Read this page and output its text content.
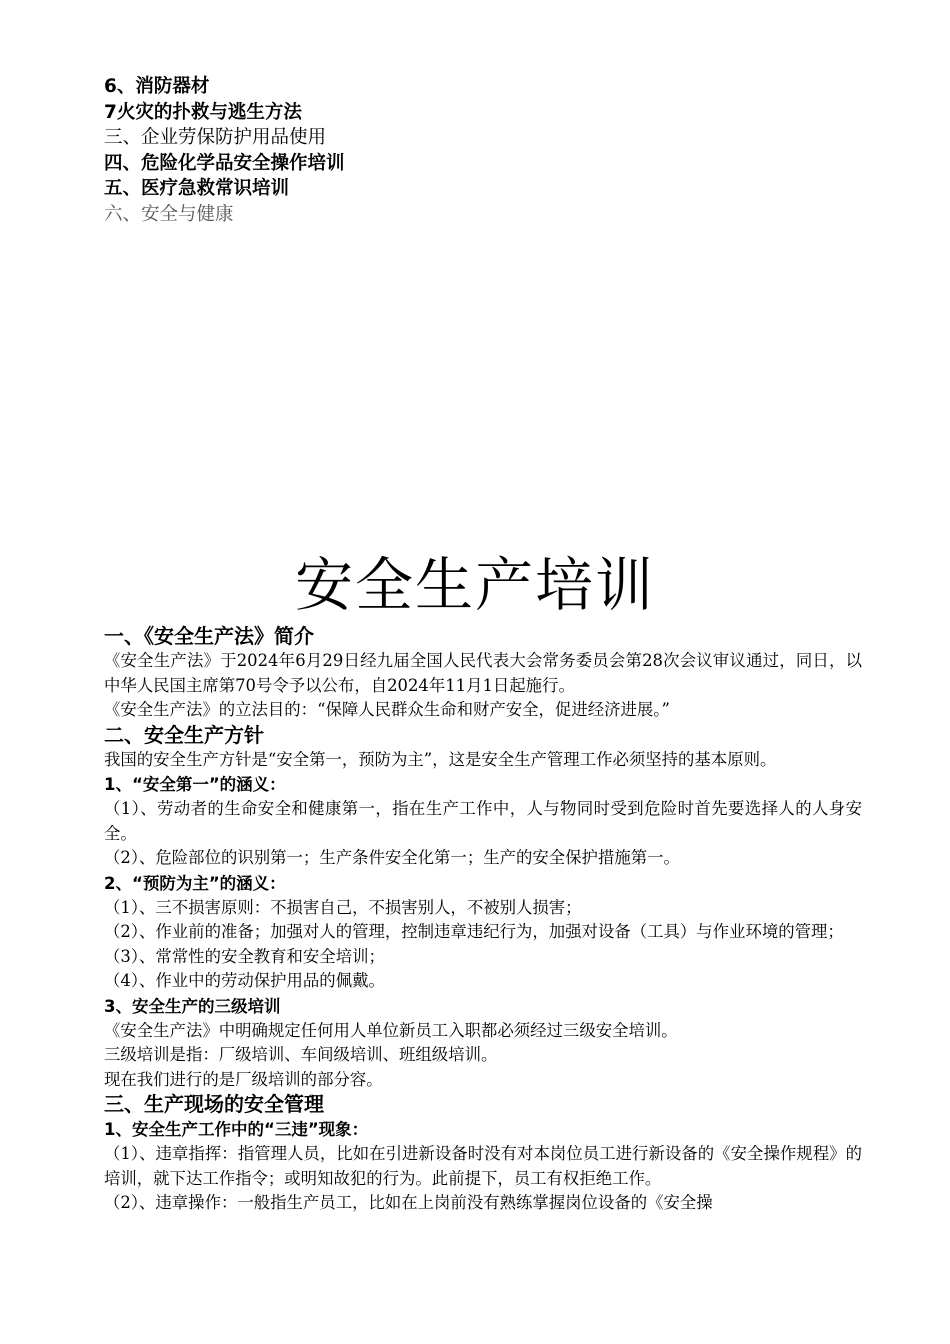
6、消防器材
7火灾的扑救与逃生方法
三、企业劳保防护用品使用
四、危险化学品安全操作培训
五、医疗急救常识培训
六、安全与健康
安全生产培训
一、《安全生产法》简介
《安全生产法》于2024年6月29日经九届全国人民代表大会常务委员会第28次会议审议通过，同日，以中华人民国主席第70号令予以公布，自2024年11月1日起施行。
《安全生产法》的立法目的：“保障人民群众生命和财产安全，促进经济进展。”
二、安全生产方针
我国的安全生产方针是“安全第一，预防为主”，这是安全生产管理工作必须坚持的基本原则。
1、“安全第一”的涵义：
（1）、劳动者的生命安全和健康第一，指在生产工作中，人与物同时受到危险时首先要选择人的人身安全。
（2）、危险部位的识别第一；生产条件安全化第一；生产的安全保护措施第一。
2、“预防为主”的涵义：
（1）、三不损害原则：不损害自己，不损害别人，不被别人损害；
（2）、作业前的准备；加强对人的管理，控制违章违纪行为，加强对设备（工具）与作业环境的管理；
（3）、常常性的安全教育和安全培训；
（4）、作业中的劳动保护用品的佩戴。
3、安全生产的三级培训
《安全生产法》中明确规定任何用人单位新员工入职都必须经过三级安全培训。
三级培训是指：厂级培训、车间级培训、班组级培训。
现在我们进行的是厂级培训的部分容。
三、生产现场的安全管理
1、安全生产工作中的“三违”现象：
（1）、违章指挥：指管理人员，比如在引进新设备时没有对本岗位员工进行新设备的《安全操作规程》的培训，就下达工作指令；或明知故犯的行为。此前提下，员工有权拒绝工作。
（2）、违章操作：一般指生产员工，比如在上岗前没有熟练掌握岗位设备的《安全操
